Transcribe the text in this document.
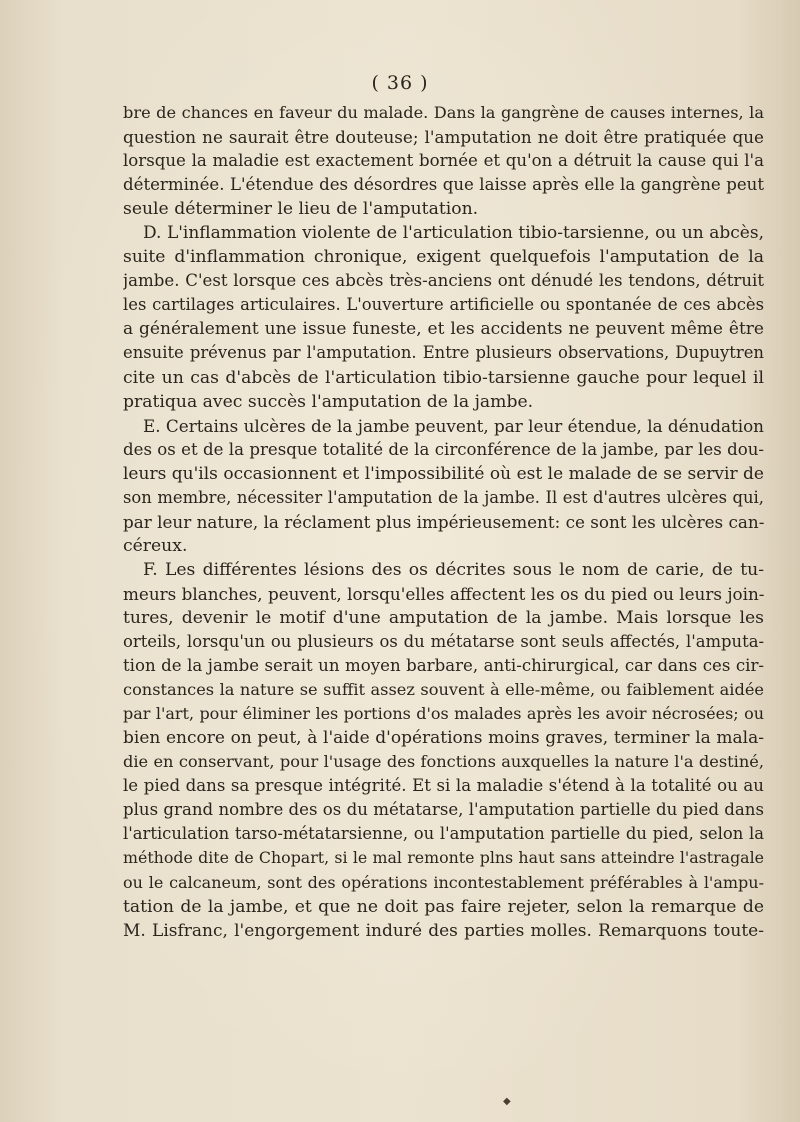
( 36 )
bre de chances en faveur du malade. Dans la gangrène de causes internes, la
question ne saurait être douteuse; l'amputation ne doit être pratiquée que
lorsque la maladie est exactement bornée et qu'on a détruit la cause qui l'a
déterminée. L'étendue des désordres que laisse après elle la gangrène peut
seule déterminer le lieu de l'amputation.
D. L'inflammation violente de l'articulation tibio-tarsienne, ou un abcès,
suite d'inflammation chronique, exigent quelquefois l'amputation de la
jambe. C'est lorsque ces abcès très-anciens ont dénudé les tendons, détruit
les cartilages articulaires. L'ouverture artificielle ou spontanée de ces abcès
a généralement une issue funeste, et les accidents ne peuvent même être
ensuite prévenus par l'amputation. Entre plusieurs observations, Dupuytren
cite un cas d'abcès de l'articulation tibio-tarsienne gauche pour lequel il
pratiqua avec succès l'amputation de la jambe.
E. Certains ulcères de la jambe peuvent, par leur étendue, la dénudation
des os et de la presque totalité de la circonférence de la jambe, par les dou-
leurs qu'ils occasionnent et l'impossibilité où est le malade de se servir de
son membre, nécessiter l'amputation de la jambe. Il est d'autres ulcères qui,
par leur nature, la réclament plus impérieusement: ce sont les ulcères can-
céreux.
F. Les différentes lésions des os décrites sous le nom de carie, de tu-
meurs blanches, peuvent, lorsqu'elles affectent les os du pied ou leurs join-
tures, devenir le motif d'une amputation de la jambe. Mais lorsque les
orteils, lorsqu'un ou plusieurs os du métatarse sont seuls affectés, l'amputa-
tion de la jambe serait un moyen barbare, anti-chirurgical, car dans ces cir-
constances la nature se suffit assez souvent à elle-même, ou faiblement aidée
par l'art, pour éliminer les portions d'os malades après les avoir nécrosées; ou
bien encore on peut, à l'aide d'opérations moins graves, terminer la mala-
die en conservant, pour l'usage des fonctions auxquelles la nature l'a destiné,
le pied dans sa presque intégrité. Et si la maladie s'étend à la totalité ou au
plus grand nombre des os du métatarse, l'amputation partielle du pied dans
l'articulation tarso-métatarsienne, ou l'amputation partielle du pied, selon la
méthode dite de Chopart, si le mal remonte plns haut sans atteindre l'astragale
ou le calcaneum, sont des opérations incontestablement préférables à l'ampu-
tation de la jambe, et que ne doit pas faire rejeter, selon la remarque de
M. Lisfranc, l'engorgement induré des parties molles. Remarquons toute-
◆
